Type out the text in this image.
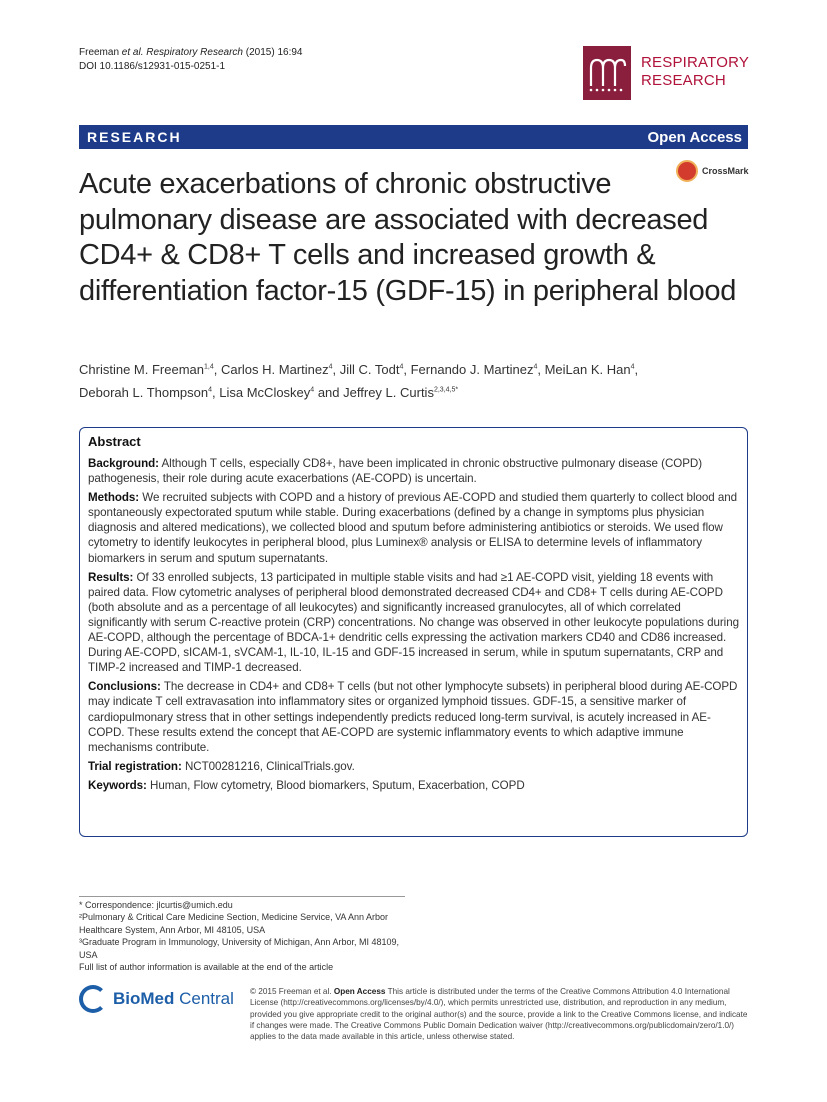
Freeman et al. Respiratory Research (2015) 16:94
DOI 10.1186/s12931-015-0251-1	RESPIRATORY
RESEARCH
RESEARCH	Open Access
CrossMark
Acute exacerbations of chronic obstructive pulmonary disease are associated with decreased CD4+ & CD8+ T cells and increased growth & differentiation factor-15 (GDF-15) in peripheral blood
Christine M. Freeman$^{1,4}$, Carlos H. Martinez$^4$, Jill C. Todt$^4$, Fernando J. Martinez$^4$, MeiLan K. Han$^4$,
Deborah L. Thompson$^4$, Lisa McCloskey$^4$ and Jeffrey L. Curtis$^{2,3,4,5*}$
Abstract

Background: Although T cells, especially CD8+, have been implicated in chronic obstructive pulmonary disease (COPD) pathogenesis, their role during acute exacerbations (AE-COPD) is uncertain.

Methods: We recruited subjects with COPD and a history of previous AE-COPD and studied them quarterly to collect blood and spontaneously expectorated sputum while stable. During exacerbations (defined by a change in symptoms plus physician diagnosis and altered medications), we collected blood and sputum before administering antibiotics or steroids. We used flow cytometry to identify leukocytes in peripheral blood, plus Luminex® analysis or ELISA to determine levels of inflammatory biomarkers in serum and sputum supernatants.

Results: Of 33 enrolled subjects, 13 participated in multiple stable visits and had ≥1 AE-COPD visit, yielding 18 events with paired data. Flow cytometric analyses of peripheral blood demonstrated decreased CD4+ and CD8+ T cells during AE-COPD (both absolute and as a percentage of all leukocytes) and significantly increased granulocytes, all of which correlated significantly with serum C-reactive protein (CRP) concentrations. No change was observed in other leukocyte populations during AE-COPD, although the percentage of BDCA-1+ dendritic cells expressing the activation markers CD40 and CD86 increased. During AE-COPD, sICAM-1, sVCAM-1, IL-10, IL-15 and GDF-15 increased in serum, while in sputum supernatants, CRP and TIMP-2 increased and TIMP-1 decreased.

Conclusions: The decrease in CD4+ and CD8+ T cells (but not other lymphocyte subsets) in peripheral blood during AE-COPD may indicate T cell extravasation into inflammatory sites or organized lymphoid tissues. GDF-15, a sensitive marker of cardiopulmonary stress that in other settings independently predicts reduced long-term survival, is acutely increased in AE-COPD. These results extend the concept that AE-COPD are systemic inflammatory events to which adaptive immune mechanisms contribute.

Trial registration: NCT00281216, ClinicalTrials.gov.

Keywords: Human, Flow cytometry, Blood biomarkers, Sputum, Exacerbation, COPD

* Correspondence: jlcurtis@umich.edu

²Pulmonary & Critical Care Medicine Section, Medicine Service, VA Ann Arbor Healthcare System, Ann Arbor, MI 48105, USA

³Graduate Program in Immunology, University of Michigan, Ann Arbor, MI 48109, USA

Full list of author information is available at the end of the article

BioMed Central © 2015 Freeman et al. Open Access This article is distributed under the terms of the Creative Commons Attribution 4.0 International License (http://creativecommons.org/licenses/by/4.0/), which permits unrestricted use, distribution, and reproduction in any medium, provided you give appropriate credit to the original author(s) and the source, provide a link to the Creative Commons license, and indicate if changes were made. The Creative Commons Public Domain Dedication waiver (http://creativecommons.org/publicdomain/zero/1.0/) applies to the data made available in this article, unless otherwise stated.
